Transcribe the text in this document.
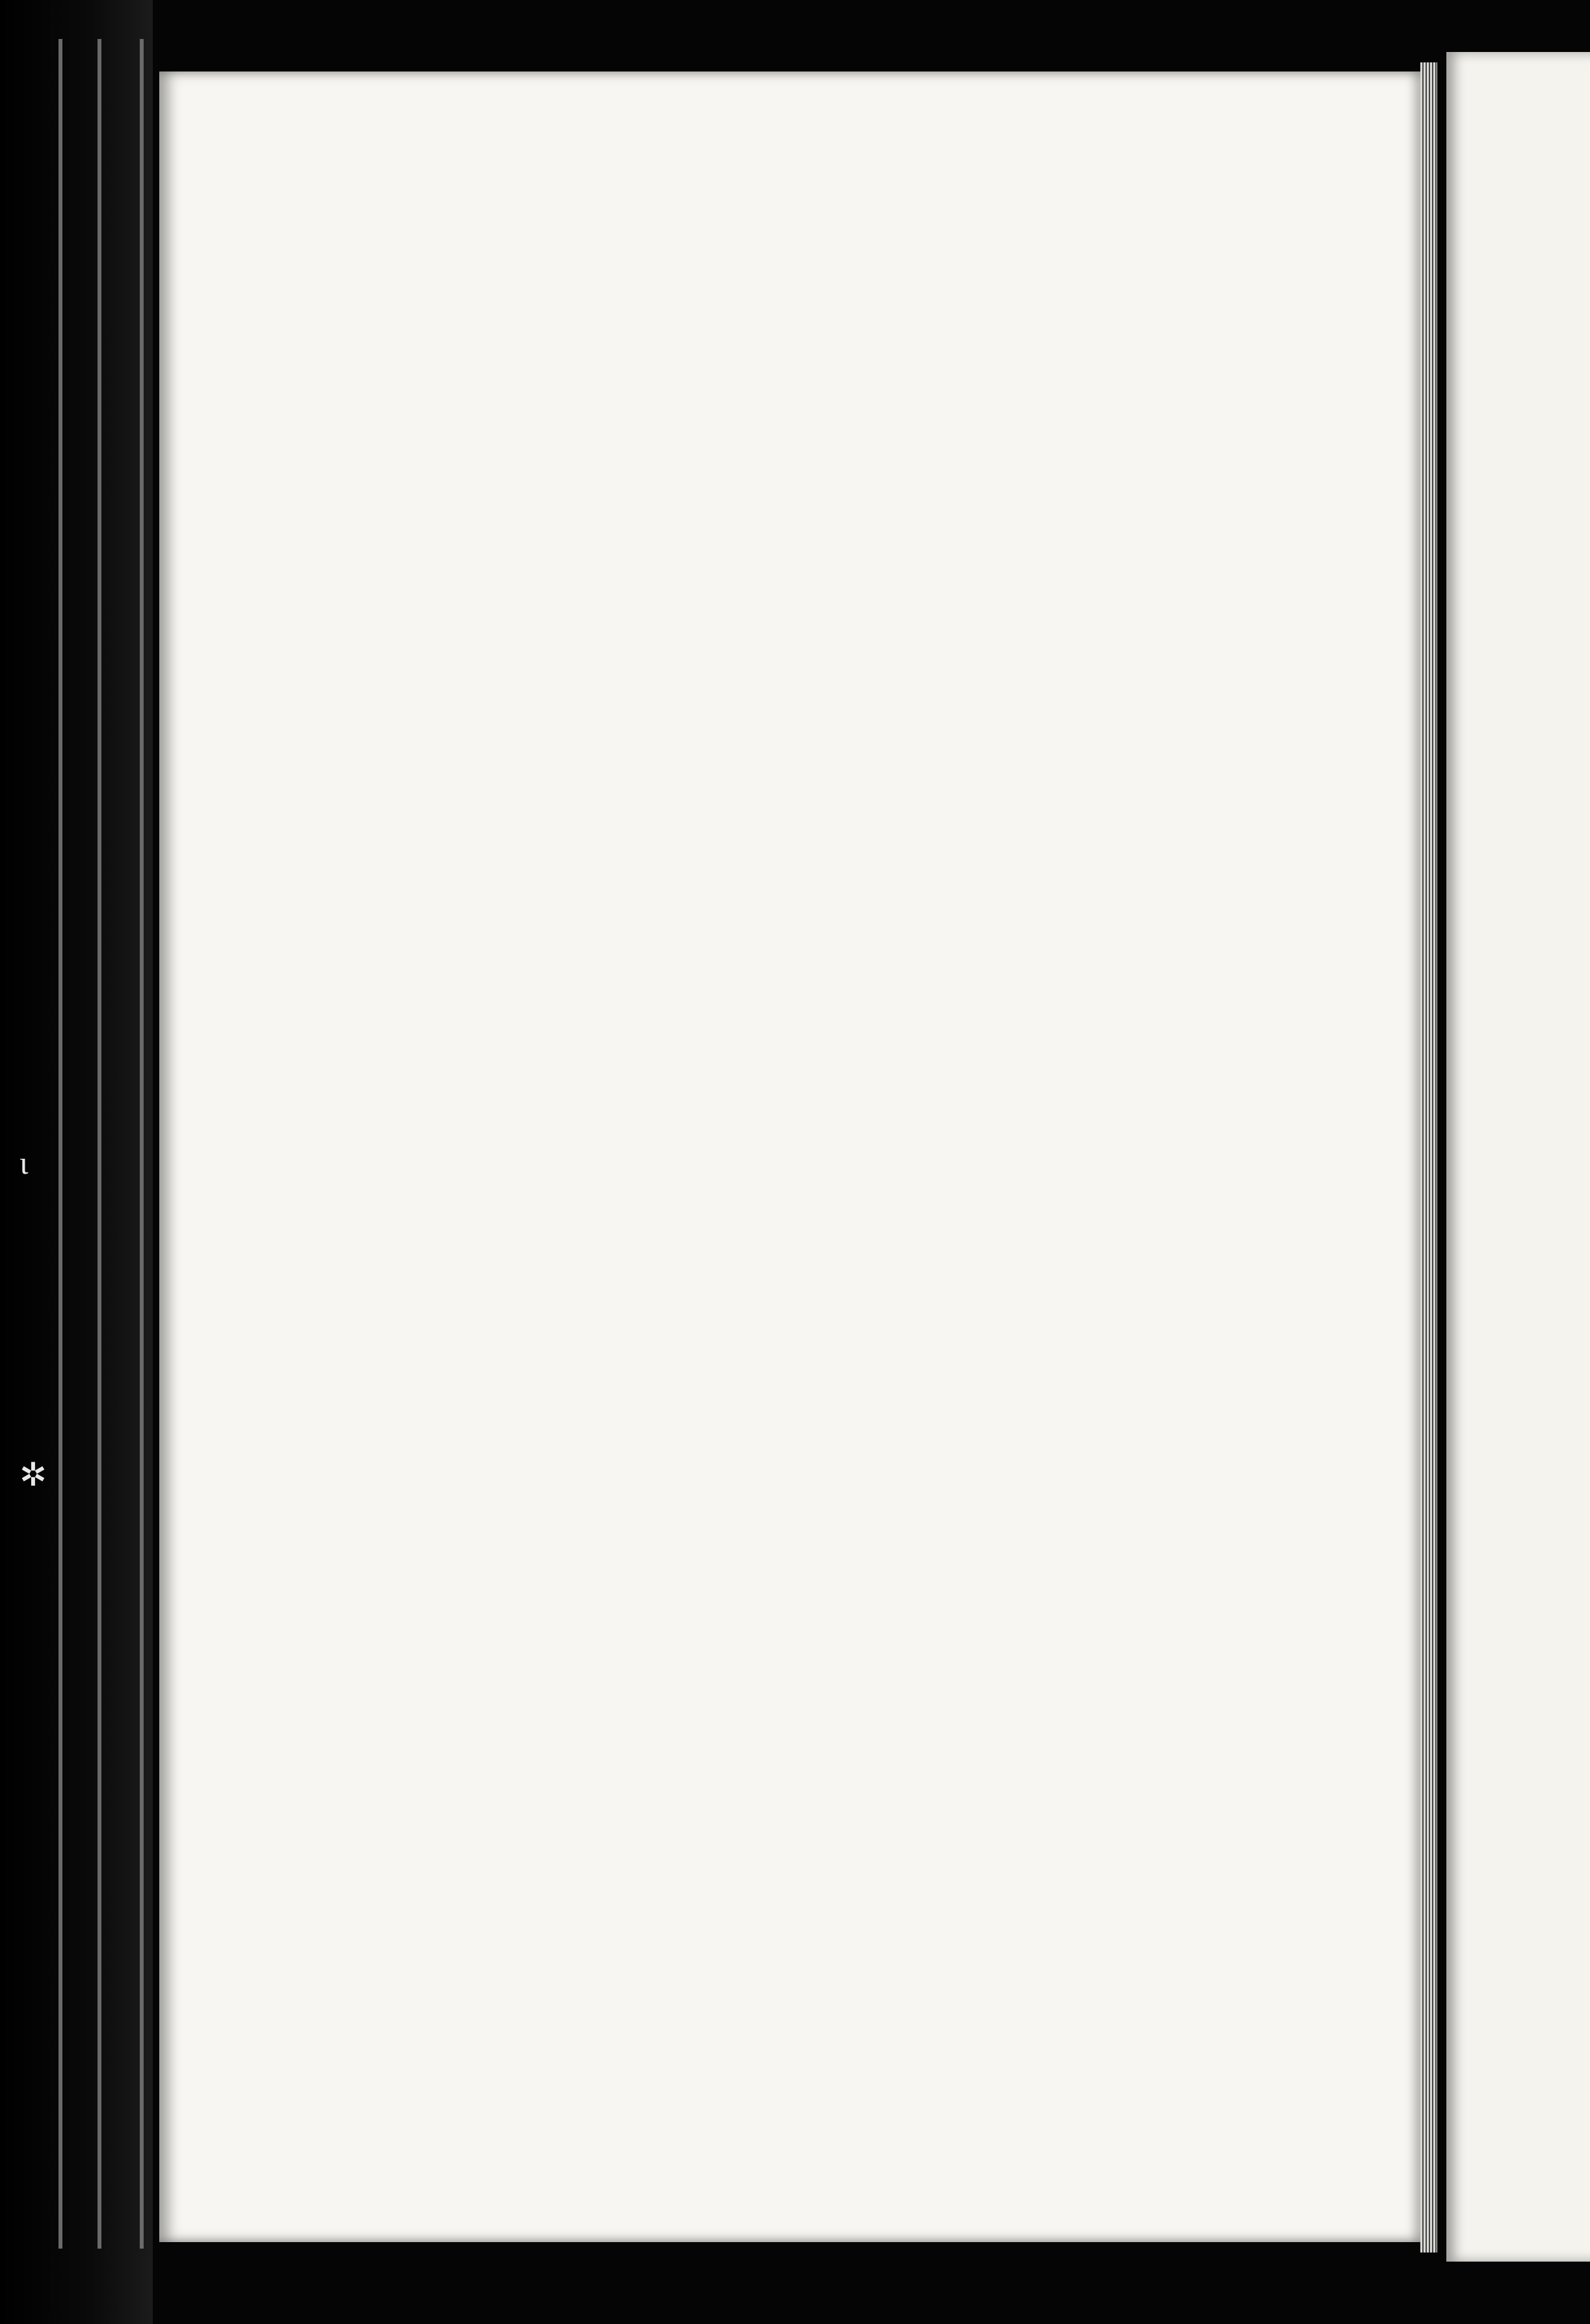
ɩ
✲
